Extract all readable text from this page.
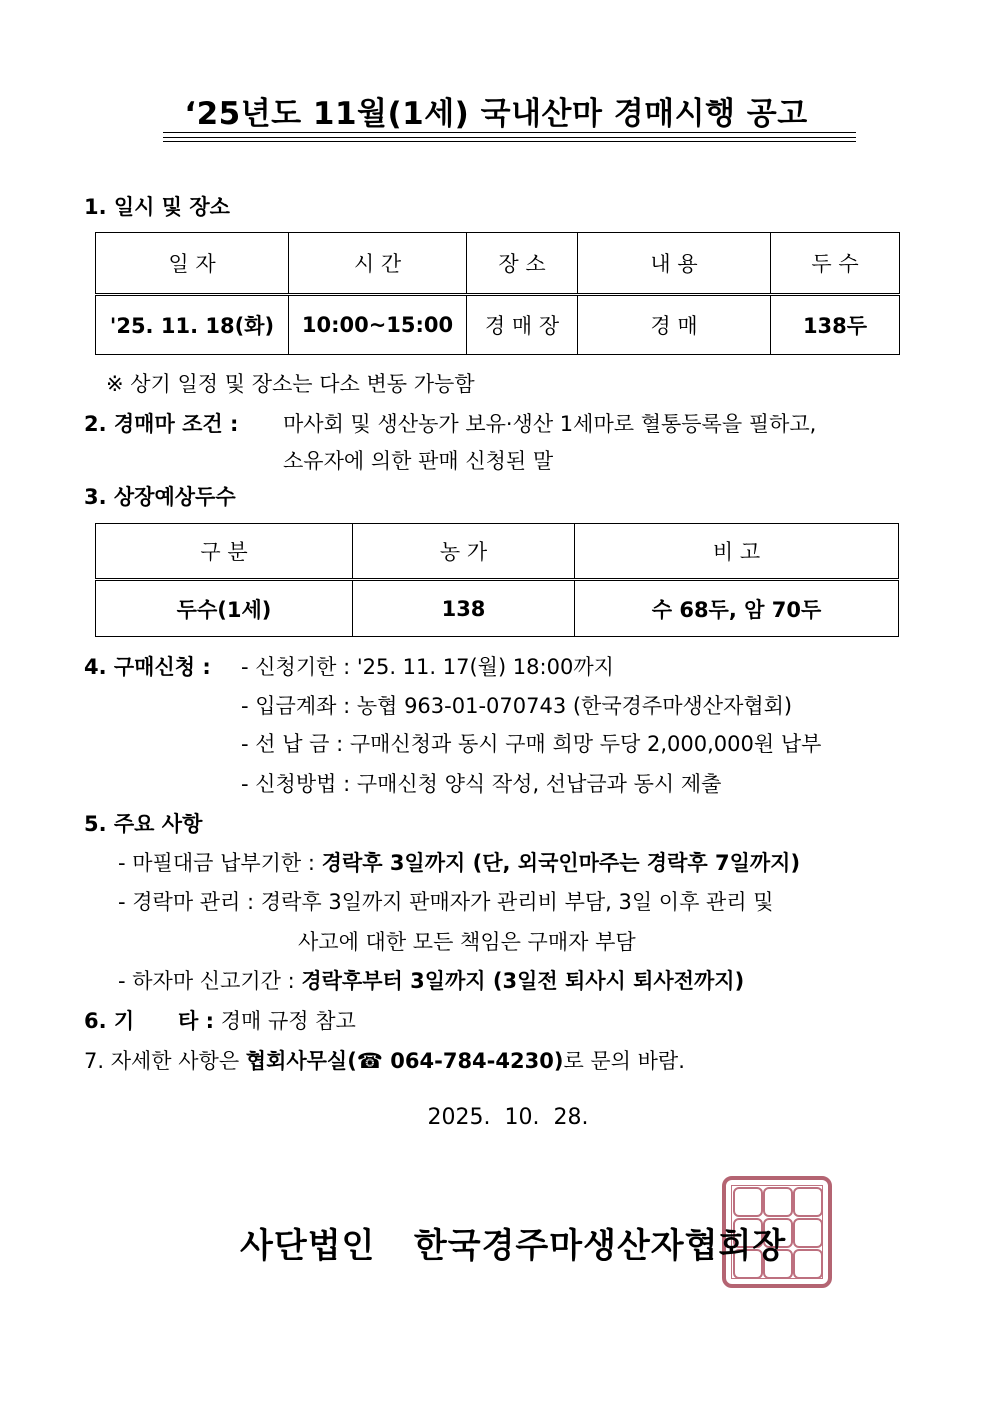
‘25년도 11월(1세) 국내산마 경매시행 공고
1. 일시 및 장소
일 자	시 간	장 소	내 용	두 수
'25. 11. 18(화)	10:00~15:00	경 매 장	경 매	138두
※ 상기 일정 및 장소는 다소 변동 가능함
2. 경매마 조건 : 마사회 및 생산농가 보유·생산 1세마로 혈통등록을 필하고,
소유자에 의한 판매 신청된 말
3. 상장예상두수
구 분	농 가	비 고
두수(1세)	138	수 68두, 암 70두
4. 구매신청 : - 신청기한 : '25. 11. 17(월) 18:00까지
- 입금계좌 : 농협 963-01-070743 (한국경주마생산자협회)
- 선 납 금 : 구매신청과 동시 구매 희망 두당 2,000,000원 납부
- 신청방법 : 구매신청 양식 작성, 선납금과 동시 제출
5. 주요 사항
- 마필대금 납부기한 : 경락후 3일까지 (단, 외국인마주는 경락후 7일까지)
- 경락마 관리 : 경락후 3일까지 판매자가 관리비 부담, 3일 이후 관리 및
사고에 대한 모든 책임은 구매자 부담
- 하자마 신고기간 : 경락후부터 3일까지 (3일전 퇴사시 퇴사전까지)
6. 기      타 : 경매 규정 참고
7. 자세한 사항은 협회사무실(☎ 064-784-4230)로 문의 바람.
2025.  10.  28.
사단법인   한국경주마생산자협회장
